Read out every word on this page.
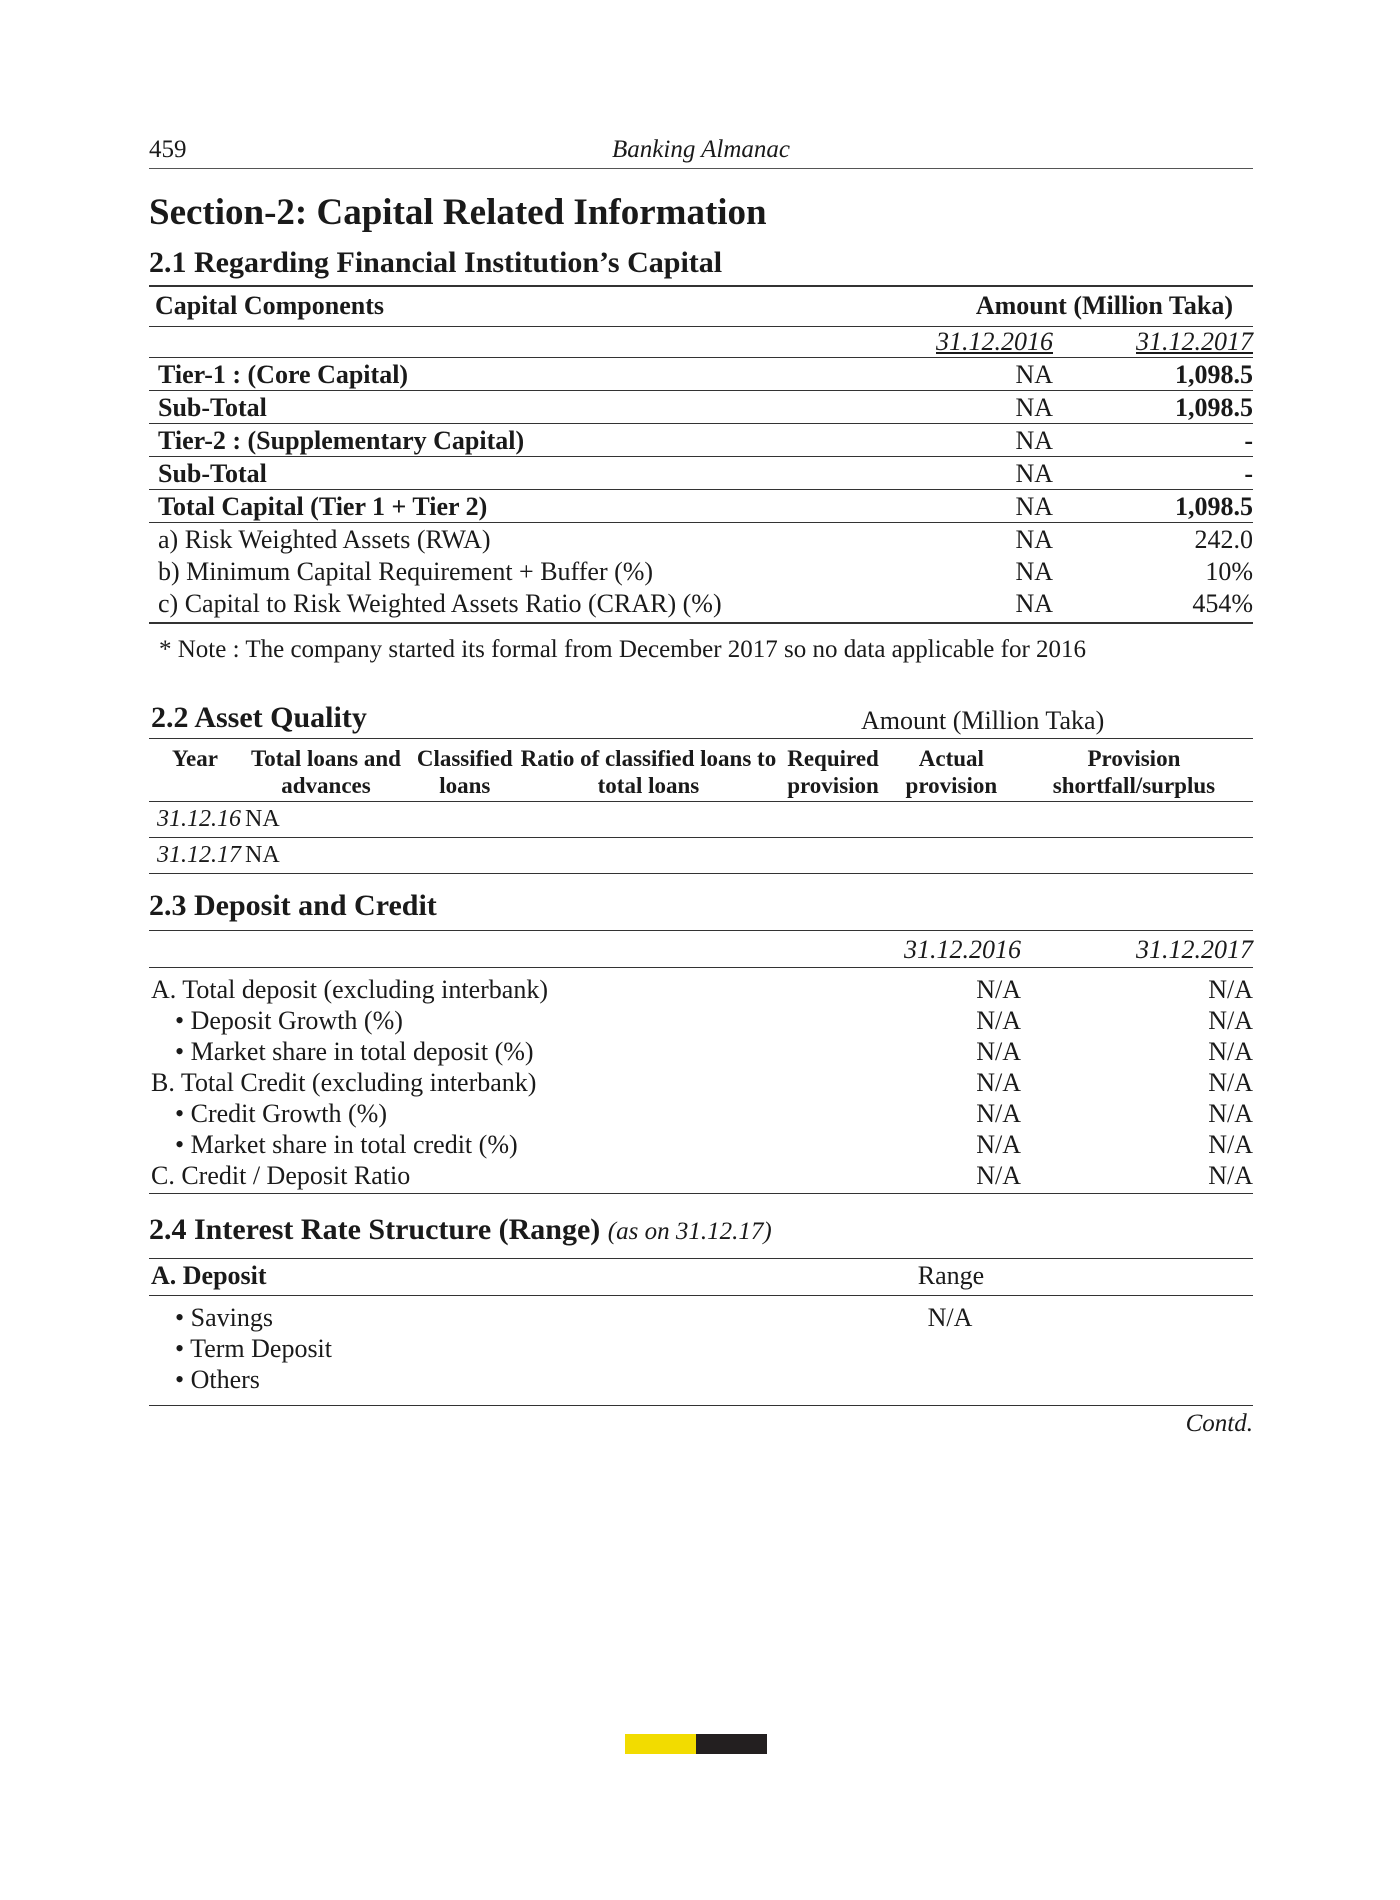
459	Banking Almanac
Section-2: Capital Related Information
2.1 Regarding Financial Institution’s Capital
Capital Components	Amount (Million Taka)	
	31.12.2016	31.12.2017
Tier-1 : (Core Capital)	NA	1,098.5
Sub-Total	NA	1,098.5
Tier-2 : (Supplementary Capital)	NA	-
Sub-Total	NA	-
Total Capital (Tier 1 + Tier 2)	NA	1,098.5
a) Risk Weighted Assets (RWA)	NA	242.0
b) Minimum Capital Requirement + Buffer (%)	NA	10%
c) Capital to Risk Weighted Assets Ratio (CRAR) (%)	NA	454%
* Note : The company started its formal from December 2017 so no data applicable for 2016
2.2 Asset Quality	Amount (Million Taka)
Year	Total loans and advances	Classified loans	Ratio of classified loans to total loans	Required provision	Actual provision	Provision shortfall/surplus
31.12.16	NA					
31.12.17	NA					
2.3 Deposit and Credit
	31.12.2016	31.12.2017
A. Total deposit (excluding interbank)	N/A	N/A
• Deposit Growth (%)	N/A	N/A
• Market share in total deposit (%)	N/A	N/A
B. Total Credit (excluding interbank)	N/A	N/A
• Credit Growth (%)	N/A	N/A
• Market share in total credit (%)	N/A	N/A
C. Credit / Deposit Ratio	N/A	N/A
2.4 Interest Rate Structure (Range) (as on 31.12.17)
A. Deposit	Range	
• Savings	N/A	
• Term Deposit		
• Others		
Contd.
